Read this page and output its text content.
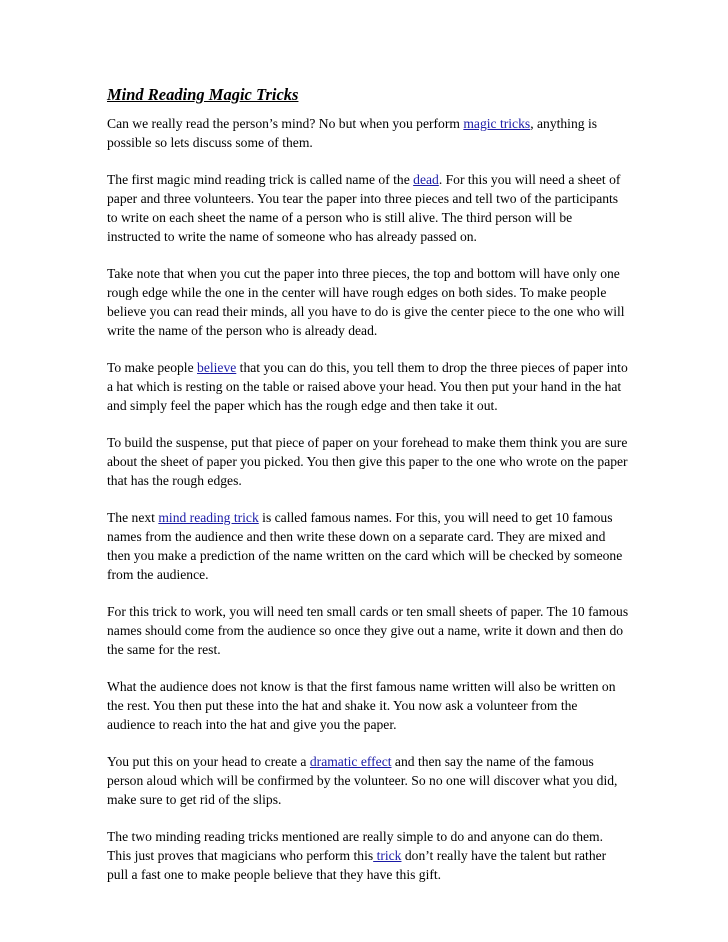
Mind Reading Magic Tricks

Can we really read the person’s mind? No but when you perform magic tricks, anything is possible so lets discuss some of them.

The first magic mind reading trick is called name of the dead. For this you will need a sheet of paper and three volunteers. You tear the paper into three pieces and tell two of the participants to write on each sheet the name of a person who is still alive. The third person will be instructed to write the name of someone who has already passed on.

Take note that when you cut the paper into three pieces, the top and bottom will have only one rough edge while the one in the center will have rough edges on both sides. To make people believe you can read their minds, all you have to do is give the center piece to the one who will write the name of the person who is already dead.

To make people believe that you can do this, you tell them to drop the three pieces of paper into a hat which is resting on the table or raised above your head. You then put your hand in the hat and simply feel the paper which has the rough edge and then take it out.

To build the suspense, put that piece of paper on your forehead to make them think you are sure about the sheet of paper you picked. You then give this paper to the one who wrote on the paper that has the rough edges.

The next mind reading trick is called famous names. For this, you will need to get 10 famous names from the audience and then write these down on a separate card. They are mixed and then you make a prediction of the name written on the card which will be checked by someone from the audience.

For this trick to work, you will need ten small cards or ten small sheets of paper. The 10 famous names should come from the audience so once they give out a name, write it down and then do the same for the rest.

What the audience does not know is that the first famous name written will also be written on the rest. You then put these into the hat and shake it. You now ask a volunteer from the audience to reach into the hat and give you the paper.

You put this on your head to create a dramatic effect and then say the name of the famous person aloud which will be confirmed by the volunteer. So no one will discover what you did, make sure to get rid of the slips.

The two minding reading tricks mentioned are really simple to do and anyone can do them. This just proves that magicians who perform this trick don’t really have the talent but rather pull a fast one to make people believe that they have this gift.
